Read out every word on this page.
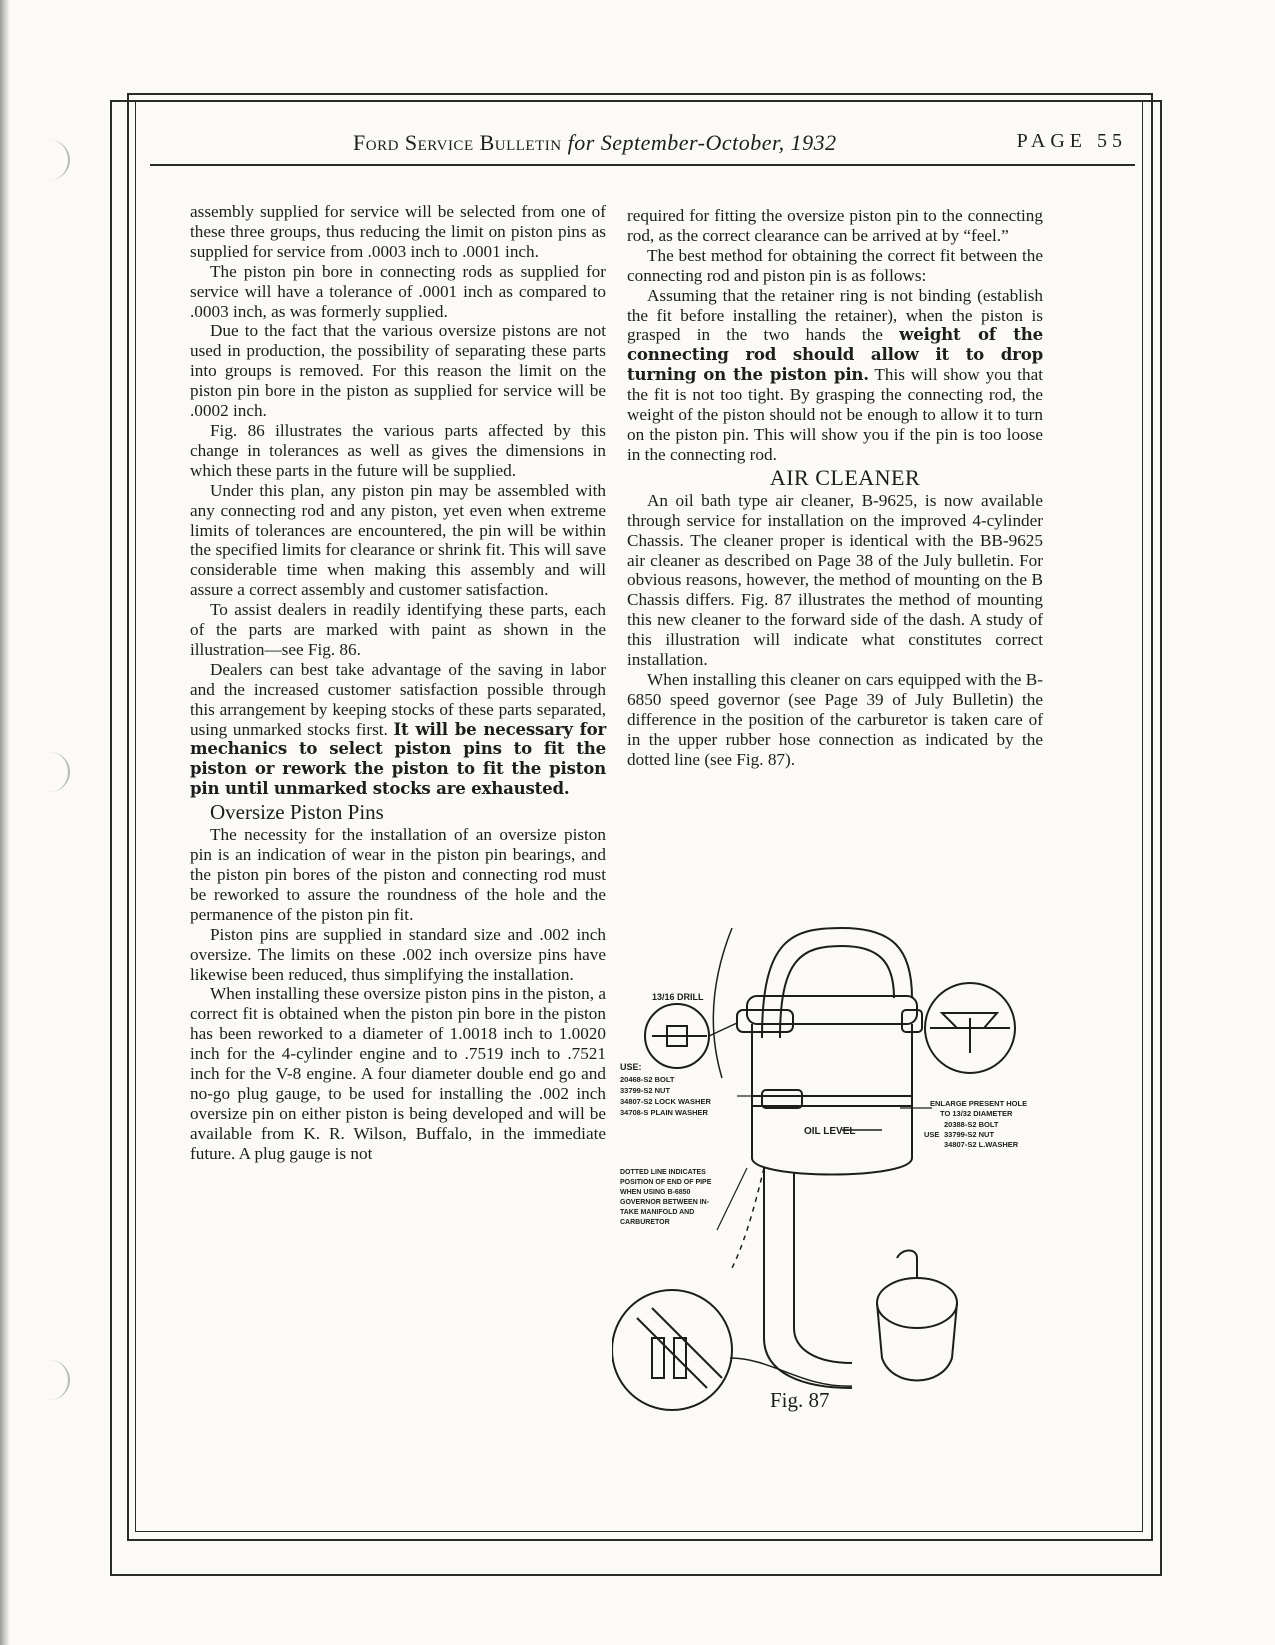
Ford Service Bulletin for September-October, 1932	PAGE 55

assembly supplied for service will be selected from one of these three groups, thus reducing the limit on piston pins as supplied for service from .0003 inch to .0001 inch.

The piston pin bore in connecting rods as supplied for service will have a tolerance of .0001 inch as compared to .0003 inch, as was formerly supplied.

Due to the fact that the various oversize pistons are not used in production, the possibility of separating these parts into groups is removed. For this reason the limit on the piston pin bore in the piston as supplied for service will be .0002 inch.

Fig. 86 illustrates the various parts affected by this change in tolerances as well as gives the dimensions in which these parts in the future will be supplied.

Under this plan, any piston pin may be assembled with any connecting rod and any piston, yet even when extreme limits of tolerances are encountered, the pin will be within the specified limits for clearance or shrink fit. This will save considerable time when making this assembly and will assure a correct assembly and customer satisfaction.

To assist dealers in readily identifying these parts, each of the parts are marked with paint as shown in the illustration—see Fig. 86.

Dealers can best take advantage of the saving in labor and the increased customer satisfaction possible through this arrangement by keeping stocks of these parts separated, using unmarked stocks first. It will be necessary for mechanics to select piston pins to fit the piston or rework the piston to fit the piston pin until unmarked stocks are exhausted.

Oversize Piston Pins

The necessity for the installation of an oversize piston pin is an indication of wear in the piston pin bearings, and the piston pin bores of the piston and connecting rod must be reworked to assure the roundness of the hole and the permanence of the piston pin fit.

Piston pins are supplied in standard size and .002 inch oversize. The limits on these .002 inch oversize pins have likewise been reduced, thus simplifying the installation.

When installing these oversize piston pins in the piston, a correct fit is obtained when the piston pin bore in the piston has been reworked to a diameter of 1.0018 inch to 1.0020 inch for the 4-cylinder engine and to .7519 inch to .7521 inch for the V-8 engine. A four diameter double end go and no-go plug gauge, to be used for installing the .002 inch oversize pin on either piston is being developed and will be available from K. R. Wilson, Buffalo, in the immediate future. A plug gauge is not

required for fitting the oversize piston pin to the connecting rod, as the correct clearance can be arrived at by “feel.”

The best method for obtaining the correct fit between the connecting rod and piston pin is as follows:

Assuming that the retainer ring is not binding (establish the fit before installing the retainer), when the piston is grasped in the two hands the weight of the connecting rod should allow it to drop turning on the piston pin. This will show you that the fit is not too tight. By grasping the connecting rod, the weight of the piston should not be enough to allow it to turn on the piston pin. This will show you if the pin is too loose in the connecting rod.

AIR CLEANER

An oil bath type air cleaner, B-9625, is now available through service for installation on the improved 4-cylinder Chassis. The cleaner proper is identical with the BB-9625 air cleaner as described on Page 38 of the July bulletin. For obvious reasons, however, the method of mounting on the B Chassis differs. Fig. 87 illustrates the method of mounting this new cleaner to the forward side of the dash. A study of this illustration will indicate what constitutes correct installation.

When installing this cleaner on cars equipped with the B-6850 speed governor (see Page 39 of July Bulletin) the difference in the position of the carburetor is taken care of in the upper rubber hose connection as indicated by the dotted line (see Fig. 87).

13/16 DRILL
USE:
20468-S2 BOLT
33799-S2 NUT
34807-S2 LOCK WASHER
34708-S PLAIN WASHER
OIL LEVEL
ENLARGE PRESENT HOLE
TO 13/32 DIAMETER
USE
20388-S2 BOLT
33799-S2 NUT
34807-S2 L.WASHER
DOTTED LINE INDICATES
POSITION OF END OF PIPE
WHEN USING B-6850
GOVERNOR BETWEEN IN-
TAKE MANIFOLD AND
CARBURETOR
Fig. 87
